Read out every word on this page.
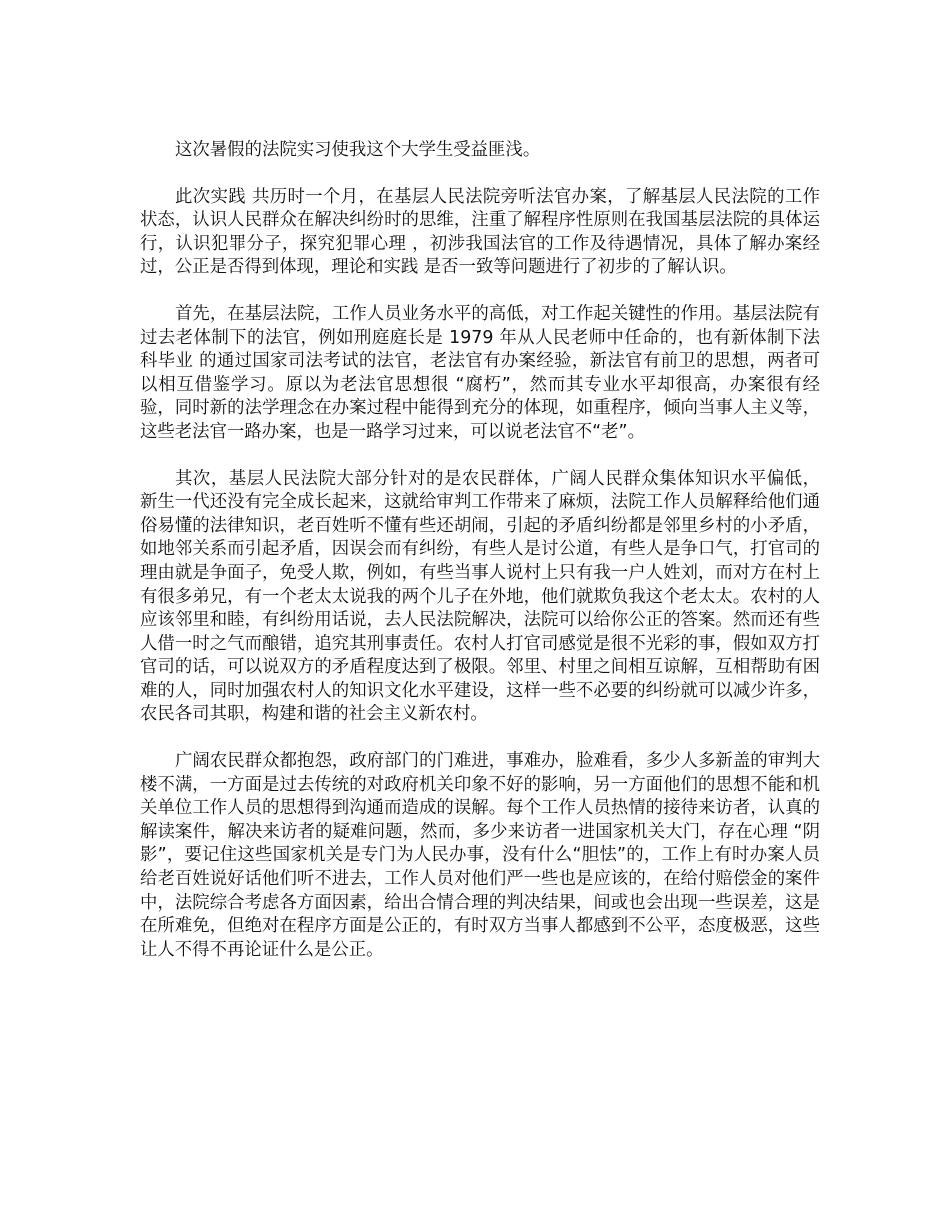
这次暑假的法院实习使我这个大学生受益匪浅。

此次实践 共历时一个月，在基层人民法院旁听法官办案，了解基层人民法院的工作状态，认识人民群众在解决纠纷时的思维，注重了解程序性原则在我国基层法院的具体运行，认识犯罪分子，探究犯罪心理 ，初涉我国法官的工作及待遇情况，具体了解办案经过，公正是否得到体现，理论和实践 是否一致等问题进行了初步的了解认识。

首先，在基层法院，工作人员业务水平的高低，对工作起关键性的作用。基层法院有过去老体制下的法官，例如刑庭庭长是 1979 年从人民老师中任命的，也有新体制下法科毕业 的通过国家司法考试的法官，老法官有办案经验，新法官有前卫的思想，两者可以相互借鉴学习。原以为老法官思想很 “腐朽”，然而其专业水平却很高，办案很有经验，同时新的法学理念在办案过程中能得到充分的体现，如重程序，倾向当事人主义等，这些老法官一路办案，也是一路学习过来，可以说老法官不“老”。

其次，基层人民法院大部分针对的是农民群体，广阔人民群众集体知识水平偏低， 新生一代还没有完全成长起来，这就给审判工作带来了麻烦，法院工作人员解释给他们通俗易懂的法律知识，老百姓听不懂有些还胡闹，引起的矛盾纠纷都是邻里乡村的小矛盾，如地邻关系而引起矛盾，因误会而有纠纷，有些人是讨公道，有些人是争口气，打官司的理由就是争面子，免受人欺，例如，有些当事人说村上只有我一户人姓刘，而对方在村上有很多弟兄，有一个老太太说我的两个儿子在外地，他们就欺负我这个老太太。农村的人应该邻里和睦，有纠纷用话说，去人民法院解决，法院可以给你公正的答案。然而还有些人借一时之气而酿错，追究其刑事责任。农村人打官司感觉是很不光彩的事，假如双方打官司的话，可以说双方的矛盾程度达到了极限。邻里、村里之间相互谅解，互相帮助有困难的人，同时加强农村人的知识文化水平建设，这样一些不必要的纠纷就可以减少许多，农民各司其职，构建和谐的社会主义新农村。

广阔农民群众都抱怨，政府部门的门难进，事难办，脸难看，多少人多新盖的审判大楼不满，一方面是过去传统的对政府机关印象不好的影响，另一方面他们的思想不能和机关单位工作人员的思想得到沟通而造成的误解。每个工作人员热情的接待来访者，认真的解读案件，解决来访者的疑难问题，然而，多少来访者一进国家机关大门，存在心理 “阴影”，要记住这些国家机关是专门为人民办事，没有什么“胆怯”的，工作上有时办案人员给老百姓说好话他们听不进去，工作人员对他们严一些也是应该的，在给付赔偿金的案件中，法院综合考虑各方面因素，给出合情合理的判决结果，间或也会出现一些误差，这是在所难免，但绝对在程序方面是公正的，有时双方当事人都感到不公平，态度极恶，这些让人不得不再论证什么是公正。
